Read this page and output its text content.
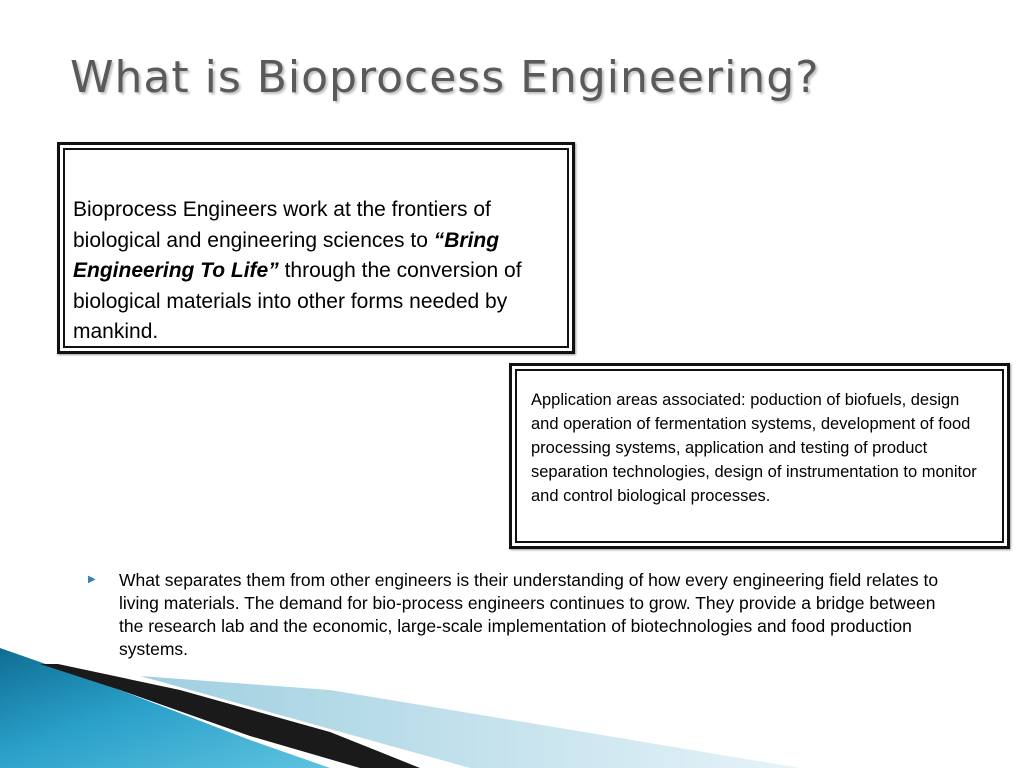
What is Bioprocess Engineering?
Bioprocess Engineers work at the frontiers of biological and engineering sciences to “Bring Engineering To Life” through the conversion of biological materials into other forms needed by mankind.
Application areas associated: poduction of biofuels, design and operation of fermentation systems, development of food processing systems, application and testing of product separation technologies, design of instrumentation to monitor and control biological processes.
▶ What separates them from other engineers is their understanding of how every engineering field relates to living materials. The demand for bio-process engineers continues to grow. They provide a bridge between the research lab and the economic, large-scale implementation of biotechnologies and food production systems.
